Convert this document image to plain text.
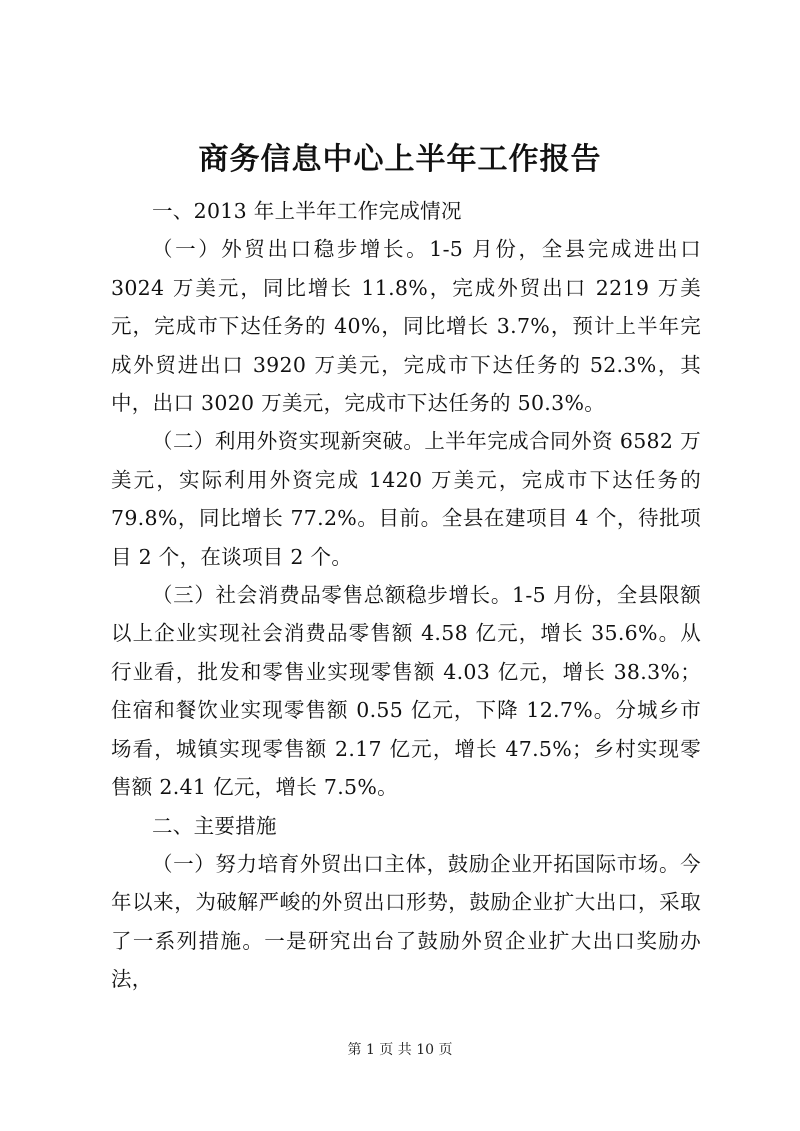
商务信息中心上半年工作报告

一、2013 年上半年工作完成情况

（一）外贸出口稳步增长。1-5 月份，全县完成进出口 3024 万美元，同比增长 11.8%，完成外贸出口 2219 万美元，完成市下达任务的 40%，同比增长 3.7%，预计上半年完成外贸进出口 3920 万美元，完成市下达任务的 52.3%，其中，出口 3020 万美元，完成市下达任务的 50.3%。

（二）利用外资实现新突破。上半年完成合同外资 6582 万美元，实际利用外资完成 1420 万美元，完成市下达任务的 79.8%，同比增长 77.2%。目前。全县在建项目 4 个，待批项目 2 个，在谈项目 2 个。

（三）社会消费品零售总额稳步增长。1-5 月份，全县限额以上企业实现社会消费品零售额 4.58 亿元，增长 35.6%。从行业看，批发和零售业实现零售额 4.03 亿元，增长 38.3%；住宿和餐饮业实现零售额 0.55 亿元，下降 12.7%。分城乡市场看，城镇实现零售额 2.17 亿元，增长 47.5%；乡村实现零售额 2.41 亿元，增长 7.5%。

二、主要措施

（一）努力培育外贸出口主体，鼓励企业开拓国际市场。今年以来，为破解严峻的外贸出口形势，鼓励企业扩大出口，采取了一系列措施。一是研究出台了鼓励外贸企业扩大出口奖励办法，

第 1 页 共 10 页
